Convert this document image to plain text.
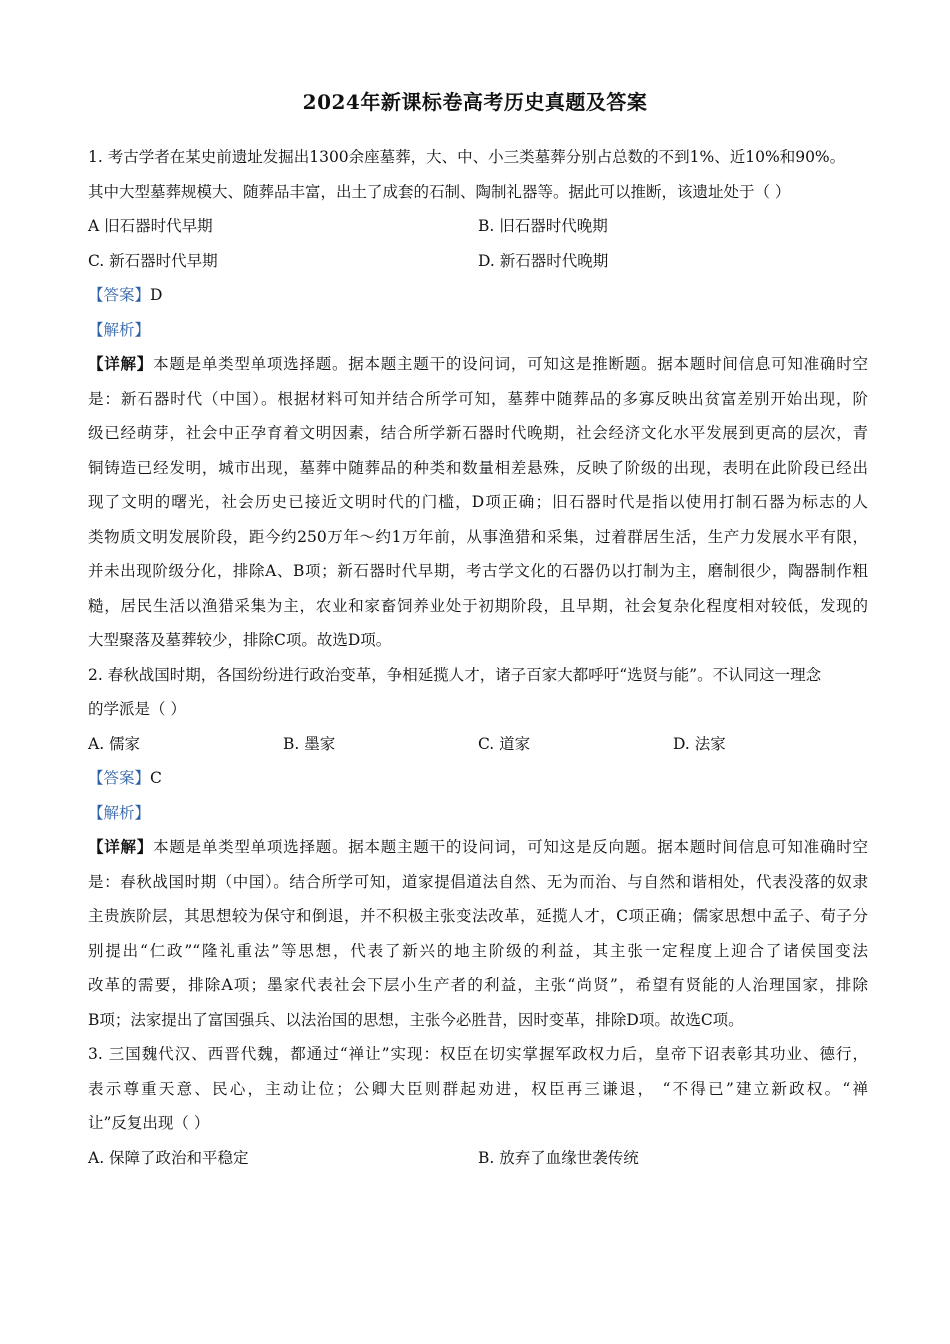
2024年新课标卷高考历史真题及答案
1. 考古学者在某史前遗址发掘出1300余座墓葬，大、中、小三类墓葬分别占总数的不到1%、近10%和90%。
其中大型墓葬规模大、随葬品丰富，出土了成套的石制、陶制礼器等。据此可以推断，该遗址处于（ ）
A 旧石器时代早期	B. 旧石器时代晚期
C. 新石器时代早期	D. 新石器时代晚期
【答案】D
【解析】
【详解】本题是单类型单项选择题。据本题主题干的设问词，可知这是推断题。据本题时间信息可知准确时空
是：新石器时代（中国）。根据材料可知并结合所学可知，墓葬中随葬品的多寡反映出贫富差别开始出现，阶
级已经萌芽，社会中正孕育着文明因素，结合所学新石器时代晚期，社会经济文化水平发展到更高的层次，青
铜铸造已经发明，城市出现，墓葬中随葬品的种类和数量相差悬殊，反映了阶级的出现，表明在此阶段已经出
现了文明的曙光，社会历史已接近文明时代的门槛，D项正确；旧石器时代是指以使用打制石器为标志的人
类物质文明发展阶段，距今约250万年～约1万年前，从事渔猎和采集，过着群居生活，生产力发展水平有限，
并未出现阶级分化，排除A、B项；新石器时代早期，考古学文化的石器仍以打制为主，磨制很少，陶器制作粗
糙，居民生活以渔猎采集为主，农业和家畜饲养业处于初期阶段，且早期，社会复杂化程度相对较低，发现的
大型聚落及墓葬较少，排除C项。故选D项。
2. 春秋战国时期，各国纷纷进行政治变革，争相延揽人才，诸子百家大都呼吁“选贤与能”。不认同这一理念
的学派是（ ）
A. 儒家	B. 墨家	C. 道家	D. 法家
【答案】C
【解析】
【详解】本题是单类型单项选择题。据本题主题干的设问词，可知这是反向题。据本题时间信息可知准确时空
是：春秋战国时期（中国）。结合所学可知，道家提倡道法自然、无为而治、与自然和谐相处，代表没落的奴隶
主贵族阶层，其思想较为保守和倒退，并不积极主张变法改革，延揽人才，C项正确；儒家思想中孟子、荀子分
别提出“仁政”“隆礼重法”等思想，代表了新兴的地主阶级的利益，其主张一定程度上迎合了诸侯国变法
改革的需要，排除A项；墨家代表社会下层小生产者的利益，主张“尚贤”，希望有贤能的人治理国家，排除
B项；法家提出了富国强兵、以法治国的思想，主张今必胜昔，因时变革，排除D项。故选C项。
3. 三国魏代汉、西晋代魏，都通过“禅让”实现：权臣在切实掌握军政权力后，皇帝下诏表彰其功业、德行，
表示尊重天意、民心，主动让位；公卿大臣则群起劝进，权臣再三谦退， “不得已”建立新政权。“禅
让”反复出现（ ）
A. 保障了政治和平稳定	B. 放弃了血缘世袭传统
